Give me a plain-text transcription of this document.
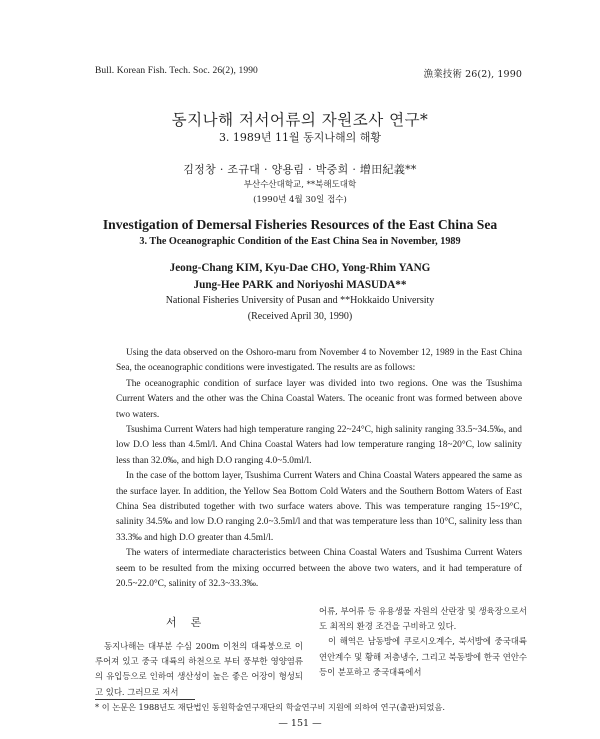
Bull. Korean Fish. Tech. Soc. 26(2), 1990	漁業技術 26(2), 1990
동지나해 저서어류의 자원조사 연구*
3. 1989년 11월 동지나해의 해황
김정창 · 조규대 · 양용림 · 박중희 · 增田紀義**
부산수산대학교, **북해도대학
(1990년 4월 30일 접수)
Investigation of Demersal Fisheries Resources of the East China Sea
3. The Oceanographic Condition of the East China Sea in November, 1989
Jeong-Chang KIM, Kyu-Dae CHO, Yong-Rhim YANG
Jung-Hee PARK and Noriyoshi MASUDA**
National Fisheries University of Pusan and **Hokkaido University
(Received April 30, 1990)

Using the data observed on the Oshoro-maru from November 4 to November 12, 1989 in the East China Sea, the oceanographic conditions were investigated. The results are as follows:

The oceanographic condition of surface layer was divided into two regions. One was the Tsushima Current Waters and the other was the China Coastal Waters. The oceanic front was formed between above two waters.

Tsushima Current Waters had high temperature ranging 22~24°C, high salinity ranging 33.5~34.5‰, and low D.O less than 4.5ml/l. And China Coastal Waters had low temperature ranging 18~20°C, low salinity less than 32.0‰, and high D.O ranging 4.0~5.0ml/l.

In the case of the bottom layer, Tsushima Current Waters and China Coastal Waters appeared the same as the surface layer. In addition, the Yellow Sea Bottom Cold Waters and the Southern Bottom Waters of East China Sea distributed together with two surface waters above. This was temperature ranging 15~19°C, salinity 34.5‰ and low D.O ranging 2.0~3.5ml/l and that was temperature less than 10°C, salinity less than 33.3‰ and high D.O greater than 4.5ml/l.

The waters of intermediate characteristics between China Coastal Waters and Tsushima Current Waters seem to be resulted from the mixing occurred between the above two waters, and it had temperature of 20.5~22.0°C, salinity of 32.3~33.3‰.

서론

동지나해는 대부분 수심 200m 이천의 대륙붕으로 이루어져 있고 중국 대륙의 하천으로 부터 풍부한 영양염류의 유입등으로 인하여 생산성이 높은 좋은 어장이 형성되고 있다. 그러므로 저서

어류, 부어류 등 유용생물 자원의 산란장 및 생육장으로서도 최적의 환경 조건을 구비하고 있다.

이 해역은 남동방에 쿠로시오계수, 북서방에 중국대륙 연안계수 및 황해 저층냉수, 그리고 북동방에 한국 연안수 등이 분포하고 중국대륙에서

* 이 논문은 1988년도 재단법인 동원학술연구재단의 학술연구비 지원에 의하여 연구(출판)되었음.
— 151 —
